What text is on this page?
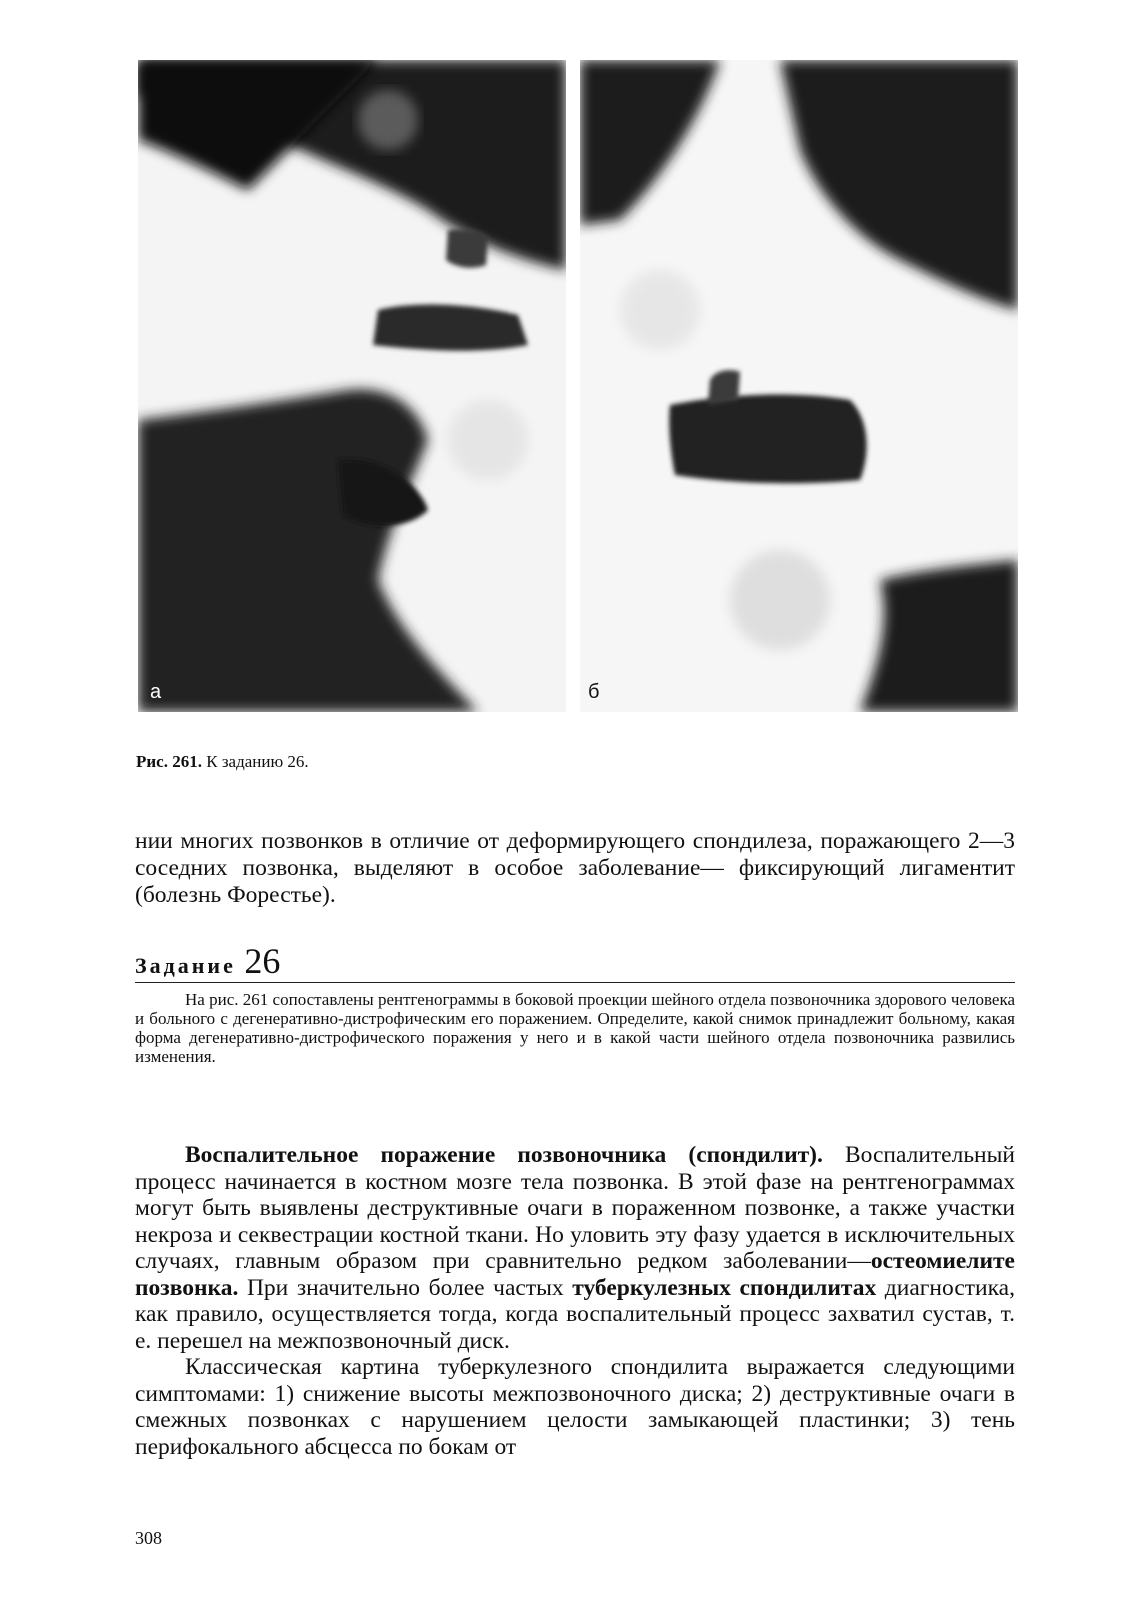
а	б
Рис. 261. К заданию 26.

нии многих позвонков в отличие от деформирующего спондилеза, поражающего 2—3 соседних позвонка, выделяют в особое заболевание— фиксирующий лигаментит (болезнь Форестье).

Задание 26

На рис. 261 сопоставлены рентгенограммы в боковой проекции шейного отдела позвоночника здорового человека и больного с дегенеративно-дистрофическим его поражением. Определите, какой снимок принадлежит больному, какая форма дегенеративно-дистрофического поражения у него и в какой части шейного отдела позвоночника развились изменения.

Воспалительное поражение позвоночника (спондилит). Воспалительный процесс начинается в костном мозге тела позвонка. В этой фазе на рентгенограммах могут быть выявлены деструктивные очаги в пораженном позвонке, а также участки некроза и секвестрации костной ткани. Но уловить эту фазу удается в исключительных случаях, главным образом при сравнительно редком заболевании—остеомиелите позвонка. При значительно более частых туберкулезных спондилитах диагностика, как правило, осуществляется тогда, когда воспалительный процесс захватил сустав, т. е. перешел на межпозвоночный диск.

Классическая картина туберкулезного спондилита выражается следующими симптомами: 1) снижение высоты межпозвоночного диска; 2) деструктивные очаги в смежных позвонках с нарушением целости замыкающей пластинки; 3) тень перифокального абсцесса по бокам от

308
